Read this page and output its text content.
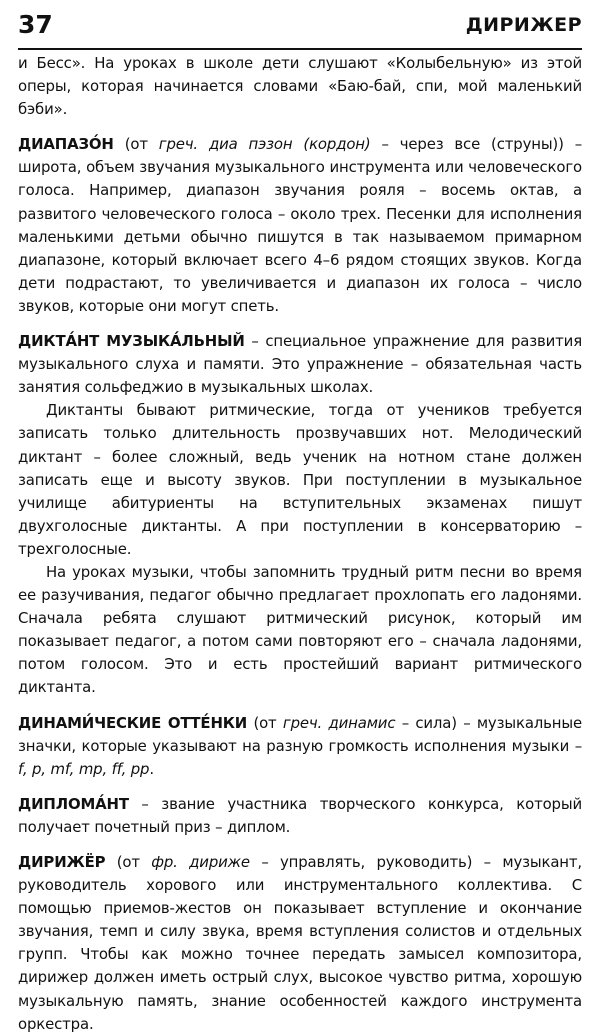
37	ДИРИЖЕР

и Бесс». На уроках в школе дети слушают «Колыбельную» из этой оперы, которая начинается словами «Баю-бай, спи, мой маленький бэби».

ДИАПАЗО́Н (от греч. диа пэзон (кордон) – через все (струны)) – широта, объем звучания музыкального инструмента или человеческого голоса. Например, диапазон звучания рояля – восемь октав, а развитого человеческого голоса – около трех. Песенки для исполнения маленькими детьми обычно пишутся в так называемом примарном диапазоне, который включает всего 4–6 рядом стоящих звуков. Когда дети подрастают, то увеличивается и диапазон их голоса – число звуков, которые они могут спеть.

ДИКТА́НТ МУЗЫКА́ЛЬНЫЙ – специальное упражнение для развития музыкального слуха и памяти. Это упражнение – обязательная часть занятия сольфеджио в музыкальных школах.

Диктанты бывают ритмические, тогда от учеников требуется записать только длительность прозвучавших нот. Мелодический диктант – более сложный, ведь ученик на нотном стане должен записать еще и высоту звуков. При поступлении в музыкальное училище абитуриенты на вступительных экзаменах пишут двухголосные диктанты. А при поступлении в консерваторию – трехголосные.

На уроках музыки, чтобы запомнить трудный ритм песни во время ее разучивания, педагог обычно предлагает прохлопать его ладонями. Сначала ребята слушают ритмический рисунок, который им показывает педагог, а потом сами повторяют его – сначала ладонями, потом голосом. Это и есть простейший вариант ритмического диктанта.

ДИНАМИ́ЧЕСКИЕ ОТТЕ́НКИ (от греч. динамис – сила) – музыкальные значки, которые указывают на разную громкость исполнения музыки – f, p, mf, mp, ff, pp.

ДИПЛОМА́НТ – звание участника творческого конкурса, который получает почетный приз – диплом.

ДИРИЖЁР (от фр. дириже – управлять, руководить) – музыкант, руководитель хорового или инструментального коллектива. С помощью приемов-жестов он показывает вступление и окончание звучания, темп и силу звука, время вступления солистов и отдельных групп. Чтобы как можно точнее передать замысел композитора, дирижер должен иметь острый слух, высокое чувство ритма, хорошую музыкальную память, знание особенностей каждого инструмента оркестра.
